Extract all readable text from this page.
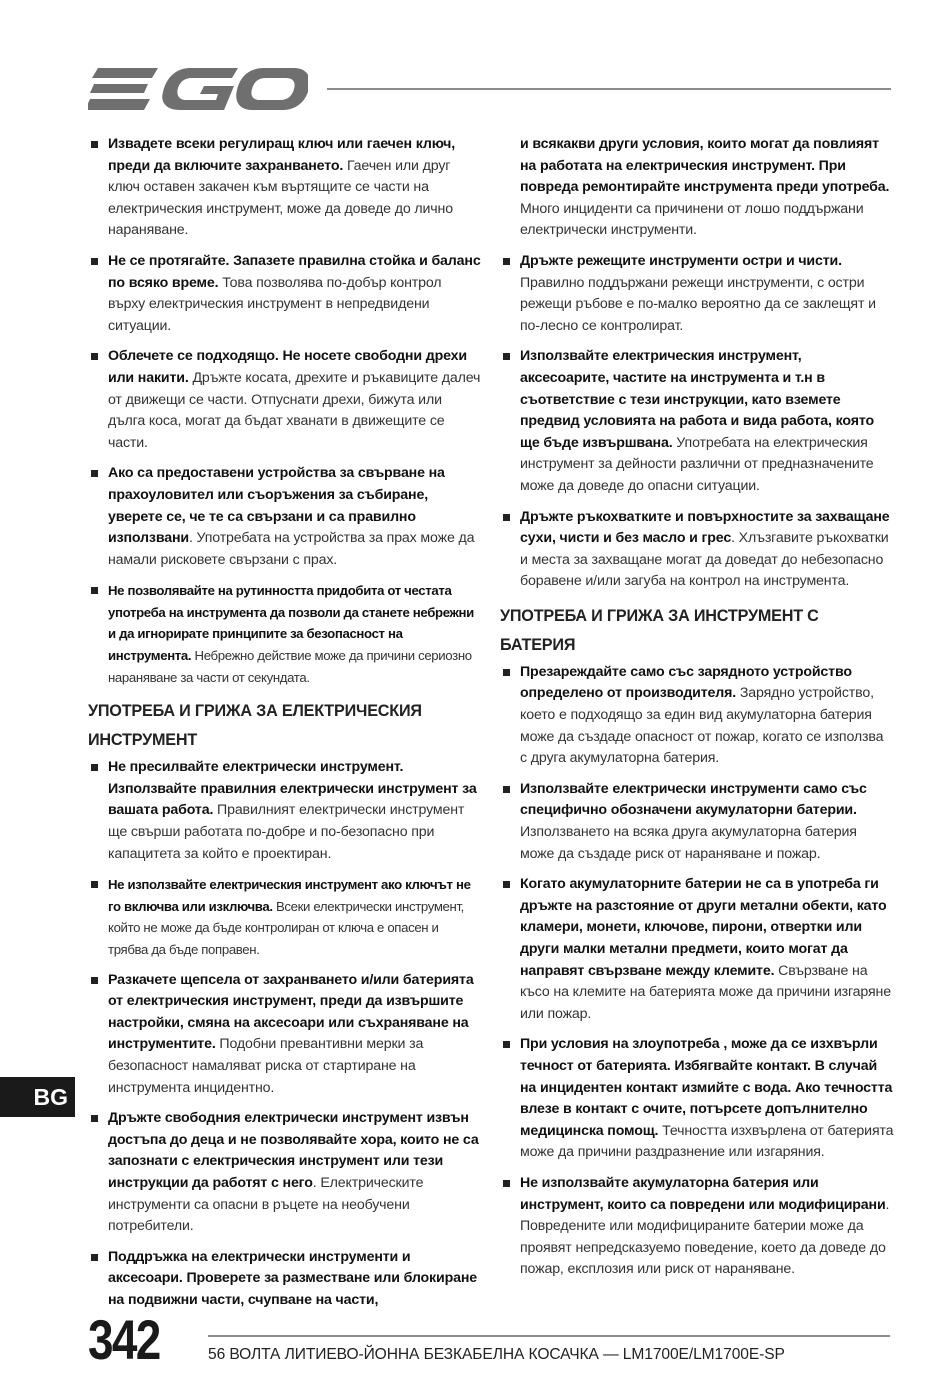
Извадете всеки регулиращ ключ или гаечен ключ, преди да включите захранването. Гаечен или друг ключ оставен закачен към въртящите се части на електрическия инструмент, може да доведе до лично нараняване.
Не се протягайте. Запазете правилна стойка и баланс по всяко време. Това позволява по-добър контрол върху електрическия инструмент в непредвидени ситуации.
Облечете се подходящо. Не носете свободни дрехи или накити. Дръжте косата, дрехите и ръкавиците далеч от движещи се части. Отпуснати дрехи, бижута или дълга коса, могат да бъдат хванати в движещите се части.
Ако са предоставени устройства за свърване на прахоуловител или съоръжения за събиране, уверете се, че те са свързани и са правилно използвани. Употребата на устройства за прах може да намали рисковете свързани с прах.
Не позволявайте на рутинността придобита от честата употреба на инструмента да позволи да станете небрежни и да игнорирате принципите за безопасност на инструмента. Небрежно действие може да причини сериозно нараняване за части от секундата.
УПОТРЕБА И ГРИЖА ЗА ЕЛЕКТРИЧЕСКИЯ
ИНСТРУМЕНТ
Не пресилвайте електрически инструмент. Използвайте правилния електрически инструмент за вашата работа. Правилният електрически инструмент ще свърши работата по-добре и по-безопасно при капацитета за който е проектиран.
Не използвайте електрическия инструмент ако ключът не го включва или изключва. Всеки електрически инструмент, който не може да бъде контролиран от ключа е опасен и трябва да бъде поправен.
Разкачете щепсела от захранването и/или батерията от електрическия инструмент, преди да извършите настройки, смяна на аксесоари или съхраняване на инструментите. Подобни превантивни мерки за безопасност намаляват риска от стартиране на инструмента инцидентно.
Дръжте свободния електрически инструмент извън достъпа до деца и не позволявайте хора, които не са запознати с електрическия инструмент или тези инструкции да работят с него. Електрическите инструменти са опасни в ръцете на необучени потребители.
Поддръжка на електрически инструменти и аксесоари. Проверете за разместване или блокиране на подвижни части, счупване на части,
и всякакви други условия, които могат да повлияят на работата на електрическия инструмент. При повреда ремонтирайте инструмента преди употреба. Много инциденти са причинени от лошо поддържани електрически инструменти.
Дръжте режещите инструменти остри и чисти. Правилно поддържани режещи инструменти, с остри режещи ръбове е по-малко вероятно да се заклещят и по-лесно се контролират.
Използвайте електрическия инструмент, аксесоарите, частите на инструмента и т.н в съответствие с тези инструкции, като вземете предвид условията на работа и вида работа, която ще бъде извършвана. Употребата на електрическия инструмент за дейности различни от предназначените може да доведе до опасни ситуации.
Дръжте ръкохватките и повърхностите за захващане сухи, чисти и без масло и грес. Хлъзгавите ръкохватки и места за захващане могат да доведат до небезопасно боравене и/или загуба на контрол на инструмента.
УПОТРЕБА И ГРИЖА ЗА ИНСТРУМЕНТ С БАТЕРИЯ
Презареждайте само със зарядното устройство определено от производителя. Зарядно устройство, което е подходящо за един вид акумулаторна батерия може да създаде опасност от пожар, когато се използва с друга акумулаторна батерия.
Използвайте електрически инструменти само със специфично обозначени акумулаторни батерии. Използването на всяка друга акумулаторна батерия може да създаде риск от нараняване и пожар.
Когато акумулаторните батерии не са в употреба ги дръжте на разстояние от други метални обекти, като кламери, монети, ключове, пирони, отвертки или други малки метални предмети, които могат да направят свързване между клемите. Свързване на късо на клемите на батерията може да причини изгаряне или пожар.
При условия на злоупотреба , може да се изхвърли течност от батерията. Избягвайте контакт. В случай на инцидентен контакт измийте с вода. Ако течността влезе в контакт с очите, потърсете допълнително медицинска помощ. Течността изхвърлена от батерията може да причини раздразнение или изгаряния.
Не използвайте акумулаторна батерия или инструмент, които са повредени или модифицирани. Повредените или модифицираните батерии може да проявят непредсказуемо поведение, което да доведе до пожар, експлозия или риск от нараняване.
BG
342	56 ВОЛТА ЛИТИЕВО-ЙОННА БЕЗКАБЕЛНА КОСАЧКА — LM1700E/LM1700E-SP
